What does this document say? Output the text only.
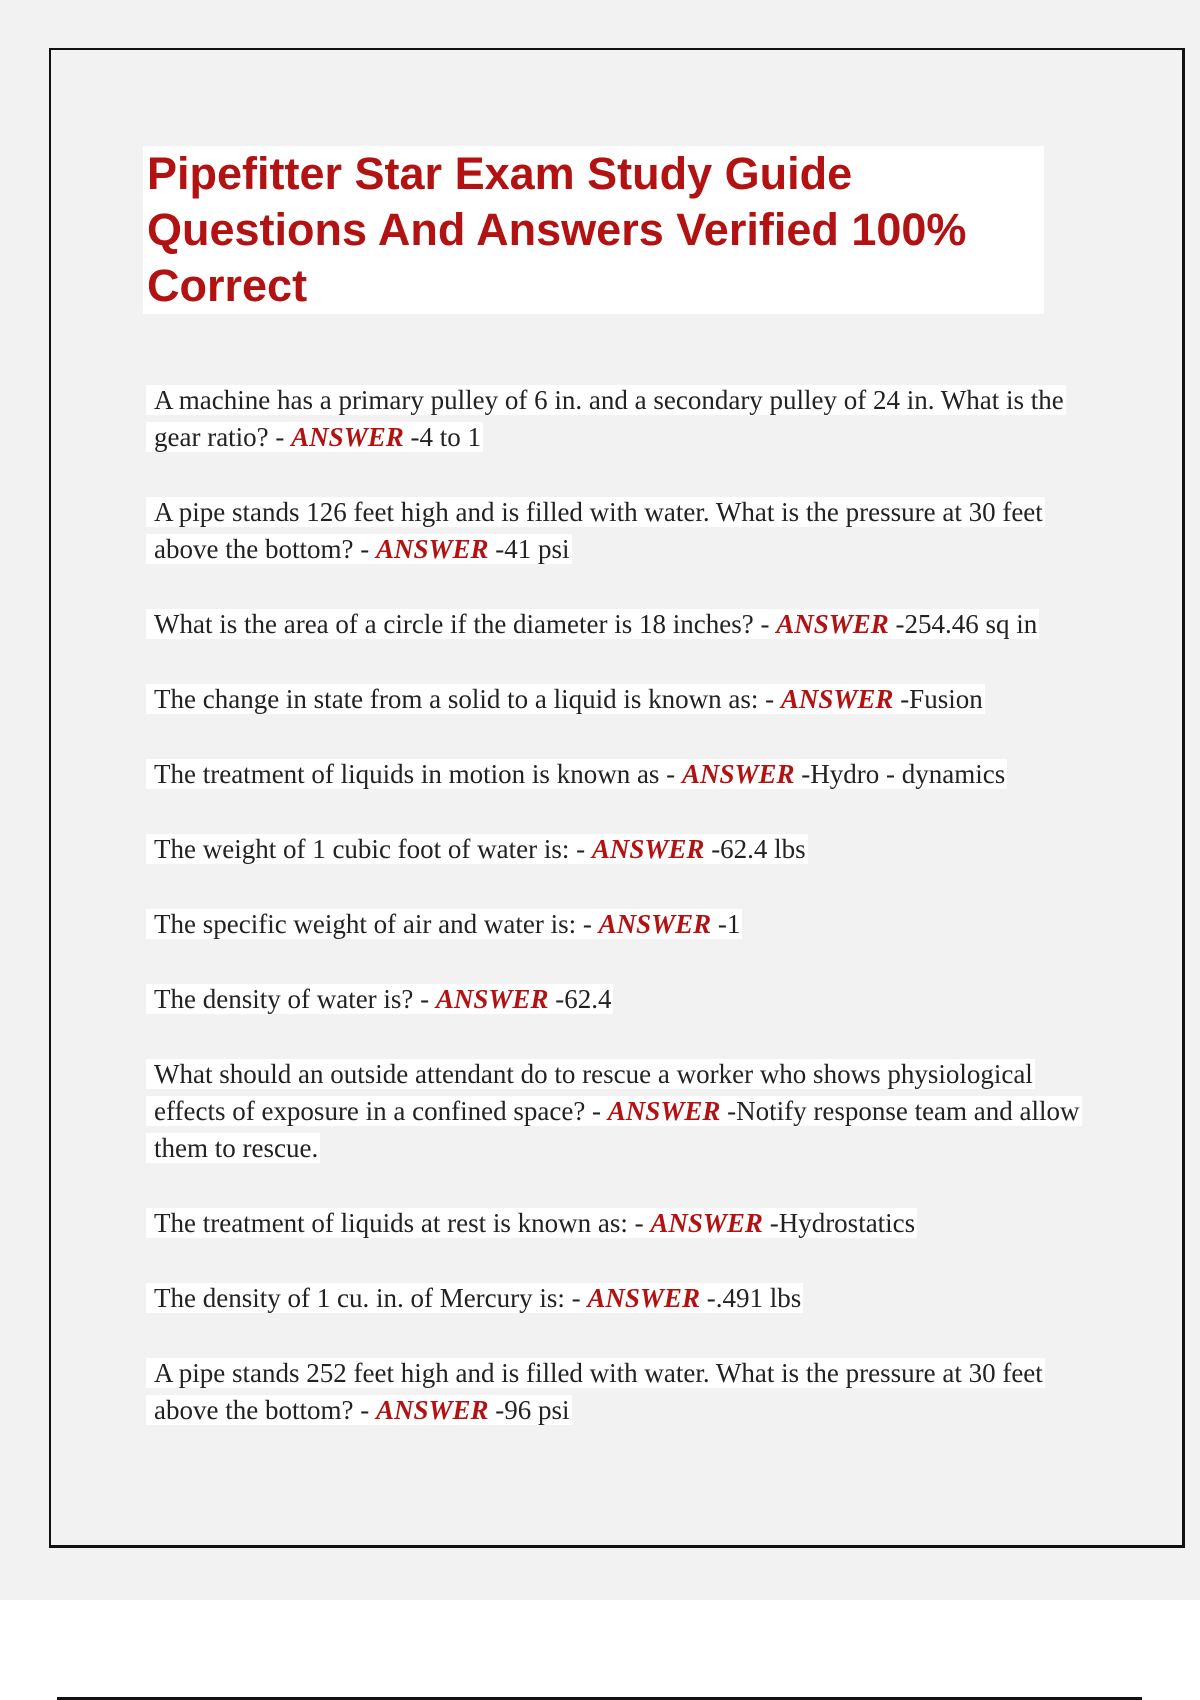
Pipefitter Star Exam Study Guide Questions And Answers Verified 100% Correct

A machine has a primary pulley of 6 in. and a secondary pulley of 24 in. What is the gear ratio? - ANSWER -4 to 1

A pipe stands 126 feet high and is filled with water. What is the pressure at 30 feet above the bottom? - ANSWER -41 psi

What is the area of a circle if the diameter is 18 inches? - ANSWER -254.46 sq in

The change in state from a solid to a liquid is known as: - ANSWER -Fusion

The treatment of liquids in motion is known as - ANSWER -Hydro - dynamics

The weight of 1 cubic foot of water is: - ANSWER -62.4 lbs

The specific weight of air and water is: - ANSWER -1

The density of water is? - ANSWER -62.4

What should an outside attendant do to rescue a worker who shows physiological effects of exposure in a confined space? - ANSWER -Notify response team and allow them to rescue.

The treatment of liquids at rest is known as: - ANSWER -Hydrostatics

The density of 1 cu. in. of Mercury is: - ANSWER -.491 lbs

A pipe stands 252 feet high and is filled with water. What is the pressure at 30 feet above the bottom? - ANSWER -96 psi
